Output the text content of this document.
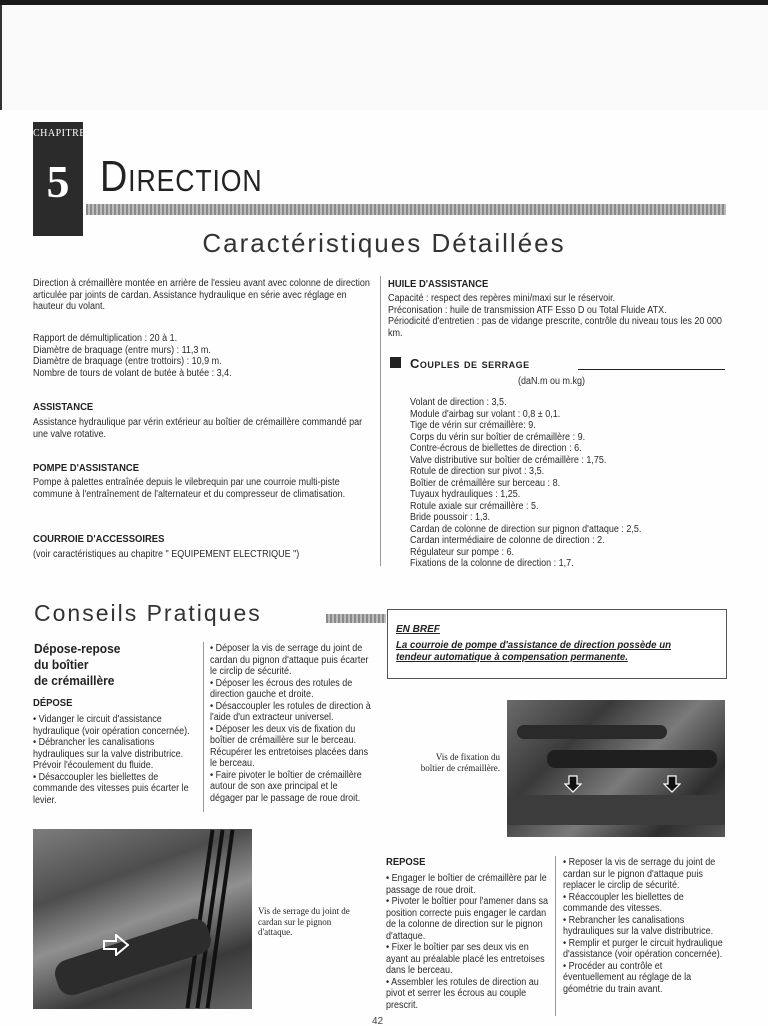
CHAPITRE
5 Direction
Caractéristiques Détaillées
Direction à crémaillère montée en arrière de l'essieu avant avec colonne de direction articulée par joints de cardan. Assistance hydraulique en série avec réglage en hauteur du volant.
Rapport de démultiplication : 20 à 1.
Diamètre de braquage (entre murs) : 11,3 m.
Diamètre de braquage (entre trottoirs) : 10,9 m.
Nombre de tours de volant de butée à butée : 3,4.
ASSISTANCE
Assistance hydraulique par vérin extérieur au boîtier de crémaillère commandé par une valve rotative.
POMPE D'ASSISTANCE
Pompe à palettes entraînée depuis le vilebrequin par une courroie multi-piste commune à l'entraînement de l'alternateur et du compresseur de climatisation.
COURROIE D'ACCESSOIRES
(voir caractéristiques au chapitre " EQUIPEMENT ELECTRIQUE ")
HUILE D'ASSISTANCE
Capacité : respect des repères mini/maxi sur le réservoir.
Préconisation : huile de transmission ATF Esso D ou Total Fluide ATX.
Périodicité d'entretien : pas de vidange prescrite, contrôle du niveau tous les 20 000 km.
Couples de serrage
(daN.m ou m.kg)
Volant de direction : 3,5.
Module d'airbag sur volant : 0,8 ± 0,1.
Tige de vérin sur crémaillère: 9.
Corps du vérin sur boîtier de crémaillère : 9.
Contre-écrous de biellettes de direction : 6.
Valve distributive sur boîtier de crémaillère : 1,75.
Rotule de direction sur pivot : 3,5.
Boîtier de crémaillère sur berceau : 8.
Tuyaux hydrauliques : 1,25.
Rotule axiale sur crémaillère : 5.
Bride poussoir : 1,3.
Cardan de colonne de direction sur pignon d'attaque : 2,5.
Cardan intermédiaire de colonne de direction : 2.
Régulateur sur pompe : 6.
Fixations de la colonne de direction : 1,7.
Conseils Pratiques
EN BREF
La courroie de pompe d'assistance de direction possède un tendeur automatique à compensation permanente.
Dépose-repose
du boîtier
de crémaillère
DÉPOSE
• Vidanger le circuit d'assistance hydraulique (voir opération concernée).
• Débrancher les canalisations hydrauliques sur la valve distributrice. Prévoir l'écoulement du fluide.
• Désaccoupler les biellettes de commande des vitesses puis écarter le levier.
• Déposer la vis de serrage du joint de cardan du pignon d'attaque puis écarter le circlip de sécurité.
• Déposer les écrous des rotules de direction gauche et droite.
• Désaccoupler les rotules de direction à l'aide d'un extracteur universel.
• Déposer les deux vis de fixation du boîtier de crémaillère sur le berceau. Récupérer les entretoises placées dans le berceau.
• Faire pivoter le boîtier de crémaillère autour de son axe principal et le dégager par le passage de roue droit.
Vis de fixation du boîtier de crémaillère.
Vis de serrage du joint de cardan sur le pignon d'attaque.
REPOSE
• Engager le boîtier de crémaillère par le passage de roue droit.
• Pivoter le boîtier pour l'amener dans sa position correcte puis engager le cardan de la colonne de direction sur le pignon d'attaque.
• Fixer le boîtier par ses deux vis en ayant au préalable placé les entretoises dans le berceau.
• Assembler les rotules de direction au pivot et serrer les écrous au couple prescrit.
• Reposer la vis de serrage du joint de cardan sur le pignon d'attaque puis replacer le circlip de sécurité.
• Réaccoupler les biellettes de commande des vitesses.
• Rebrancher les canalisations hydrauliques sur la valve distributrice.
• Remplir et purger le circuit hydraulique d'assistance (voir opération concernée).
• Procéder au contrôle et éventuellement au réglage de la géométrie du train avant.
42
